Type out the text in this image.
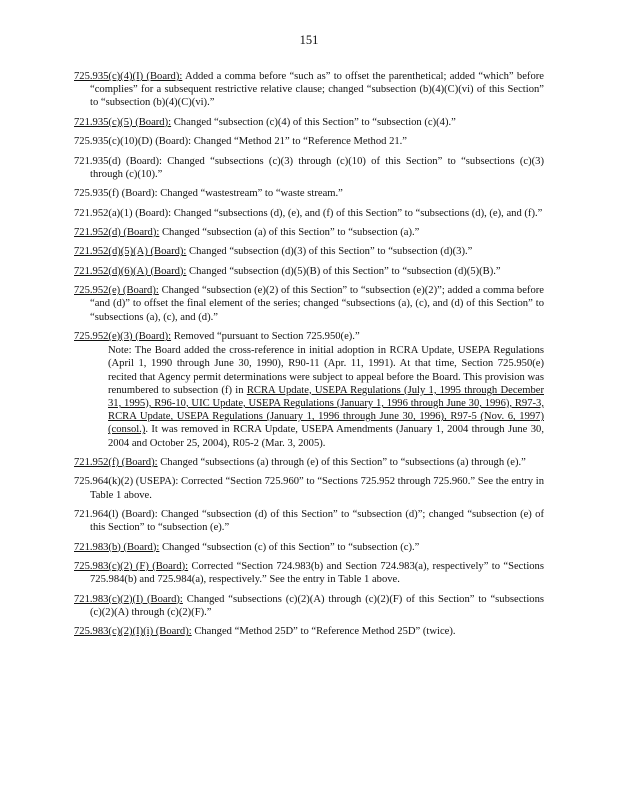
151
725.935(c)(4)(I) (Board): Added a comma before “such as” to offset the parenthetical; added “which” before “complies” for a subsequent restrictive relative clause; changed “subsection (b)(4)(C)(vi) of this Section” to “subsection (b)(4)(C)(vi).”
721.935(c)(5) (Board): Changed “subsection (c)(4) of this Section” to “subsection (c)(4).”
725.935(c)(10)(D) (Board): Changed “Method 21” to “Reference Method 21.”
721.935(d) (Board): Changed “subsections (c)(3) through (c)(10) of this Section” to “subsections (c)(3) through (c)(10).”
725.935(f) (Board): Changed “wastestream” to “waste stream.”
721.952(a)(1) (Board): Changed “subsections (d), (e), and (f) of this Section” to “subsections (d), (e), and (f).”
721.952(d) (Board): Changed “subsection (a) of this Section” to “subsection (a).”
721.952(d)(5)(A) (Board): Changed “subsection (d)(3) of this Section” to “subsection (d)(3).”
721.952(d)(6)(A) (Board): Changed “subsection (d)(5)(B) of this Section” to “subsection (d)(5)(B).”
725.952(e) (Board): Changed “subsection (e)(2) of this Section” to “subsection (e)(2)”; added a comma before “and (d)” to offset the final element of the series; changed “subsections (a), (c), and (d) of this Section” to “subsections (a), (c), and (d).”
725.952(e)(3) (Board): Removed “pursuant to Section 725.950(e).”
Note: The Board added the cross-reference in initial adoption in RCRA Update, USEPA Regulations (April 1, 1990 through June 30, 1990), R90-11 (Apr. 11, 1991). At that time, Section 725.950(e) recited that Agency permit determinations were subject to appeal before the Board. This provision was renumbered to subsection (f) in RCRA Update, USEPA Regulations (July 1, 1995 through December 31, 1995), R96-10, UIC Update, USEPA Regulations (January 1, 1996 through June 30, 1996), R97-3, RCRA Update, USEPA Regulations (January 1, 1996 through June 30, 1996), R97-5 (Nov. 6, 1997) (consol.). It was removed in RCRA Update, USEPA Amendments (January 1, 2004 through June 30, 2004 and October 25, 2004), R05-2 (Mar. 3, 2005).
721.952(f) (Board): Changed “subsections (a) through (e) of this Section” to “subsections (a) through (e).”
725.964(k)(2) (USEPA): Corrected “Section 725.960” to “Sections 725.952 through 725.960.” See the entry in Table 1 above.
721.964(l) (Board): Changed “subsection (d) of this Section” to “subsection (d)”; changed “subsection (e) of this Section” to “subsection (e).”
721.983(b) (Board): Changed “subsection (c) of this Section” to “subsection (c).”
725.983(c)(2) (F) (Board): Corrected “Section 724.983(b) and Section 724.983(a), respectively” to “Sections 725.984(b) and 725.984(a), respectively.” See the entry in Table 1 above.
721.983(c)(2)(I) (Board): Changed “subsections (c)(2)(A) through (c)(2)(F) of this Section” to “subsections (c)(2)(A) through (c)(2)(F).”
725.983(c)(2)(I)(i) (Board): Changed “Method 25D” to “Reference Method 25D” (twice).
